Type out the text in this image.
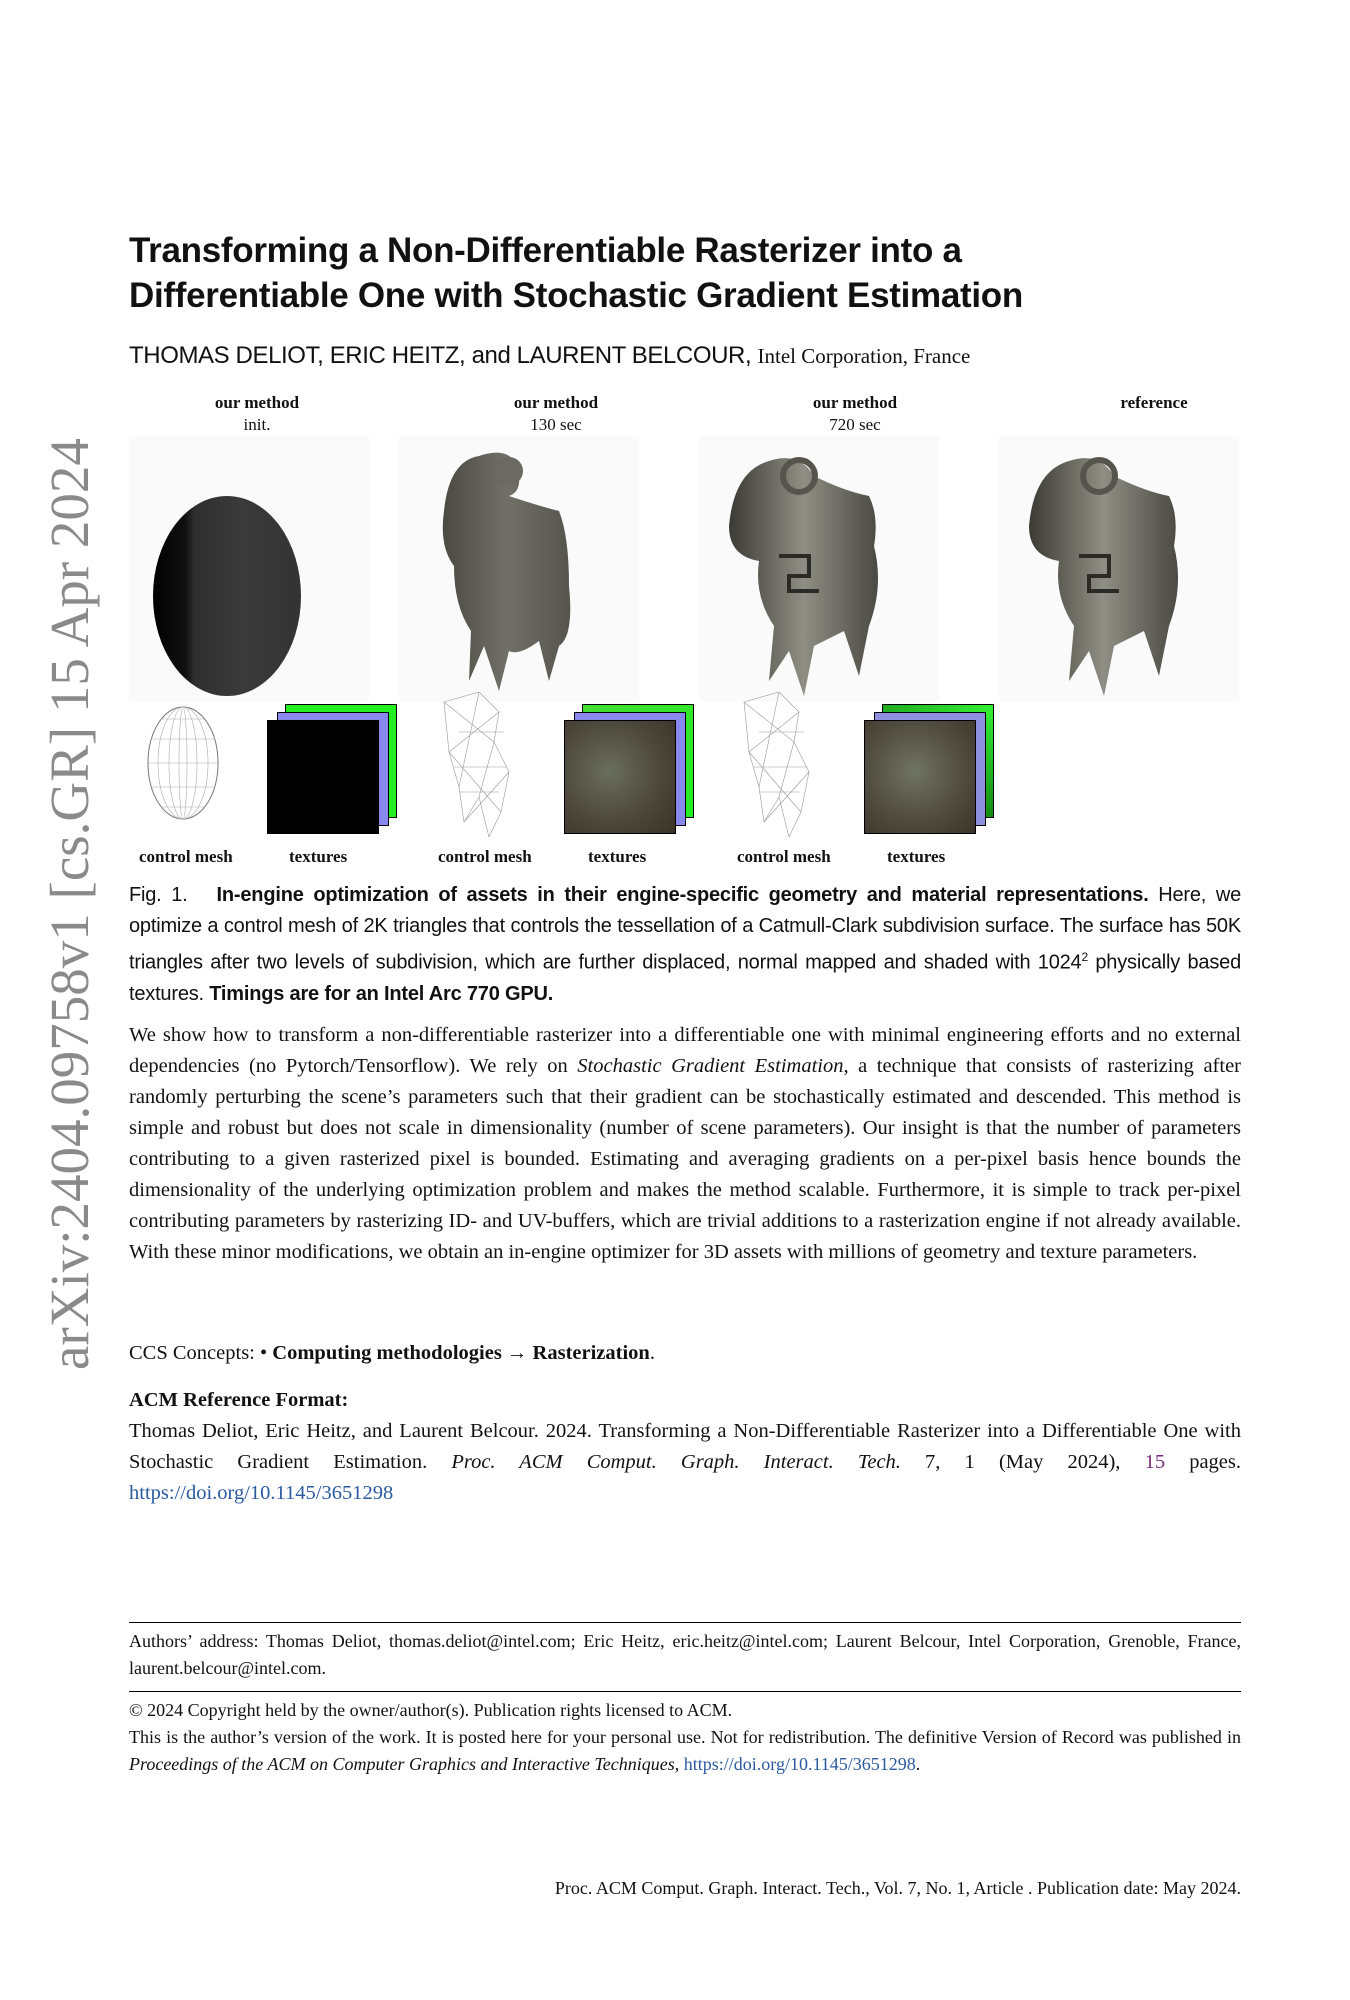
arXiv:2404.09758v1 [cs.GR] 15 Apr 2024
Transforming a Non-Differentiable Rasterizer into a
Differentiable One with Stochastic Gradient Estimation
THOMAS DELIOT, ERIC HEITZ, and LAURENT BELCOUR, Intel Corporation, France
our method
init.
our method
130 sec
our method
720 sec
reference
control mesh	textures	control mesh	textures	control mesh	textures
Fig. 1. In-engine optimization of assets in their engine-specific geometry and material representations. Here, we optimize a control mesh of 2K triangles that controls the tessellation of a Catmull-Clark subdivision surface. The surface has 50K triangles after two levels of subdivision, which are further displaced, normal mapped and shaded with 1024$^2$ physically based textures. Timings are for an Intel Arc 770 GPU.
We show how to transform a non-differentiable rasterizer into a differentiable one with minimal engineering efforts and no external dependencies (no Pytorch/Tensorflow). We rely on Stochastic Gradient Estimation, a technique that consists of rasterizing after randomly perturbing the scene’s parameters such that their gradient can be stochastically estimated and descended. This method is simple and robust but does not scale in dimensionality (number of scene parameters). Our insight is that the number of parameters contributing to a given rasterized pixel is bounded. Estimating and averaging gradients on a per-pixel basis hence bounds the dimensionality of the underlying optimization problem and makes the method scalable. Furthermore, it is simple to track per-pixel contributing parameters by rasterizing ID- and UV-buffers, which are trivial additions to a rasterization engine if not already available. With these minor modifications, we obtain an in-engine optimizer for 3D assets with millions of geometry and texture parameters.
CCS Concepts: • Computing methodologies → Rasterization.
ACM Reference Format:
Thomas Deliot, Eric Heitz, and Laurent Belcour. 2024. Transforming a Non-Differentiable Rasterizer into a Differentiable One with Stochastic Gradient Estimation. Proc. ACM Comput. Graph. Interact. Tech. 7, 1 (May 2024), 15 pages. https://doi.org/10.1145/3651298
Authors’ address: Thomas Deliot, thomas.deliot@intel.com; Eric Heitz, eric.heitz@intel.com; Laurent Belcour, Intel Corporation, Grenoble, France, laurent.belcour@intel.com.
© 2024 Copyright held by the owner/author(s). Publication rights licensed to ACM.
This is the author’s version of the work. It is posted here for your personal use. Not for redistribution. The definitive Version of Record was published in Proceedings of the ACM on Computer Graphics and Interactive Techniques, https://doi.org/10.1145/3651298.
Proc. ACM Comput. Graph. Interact. Tech., Vol. 7, No. 1, Article . Publication date: May 2024.
